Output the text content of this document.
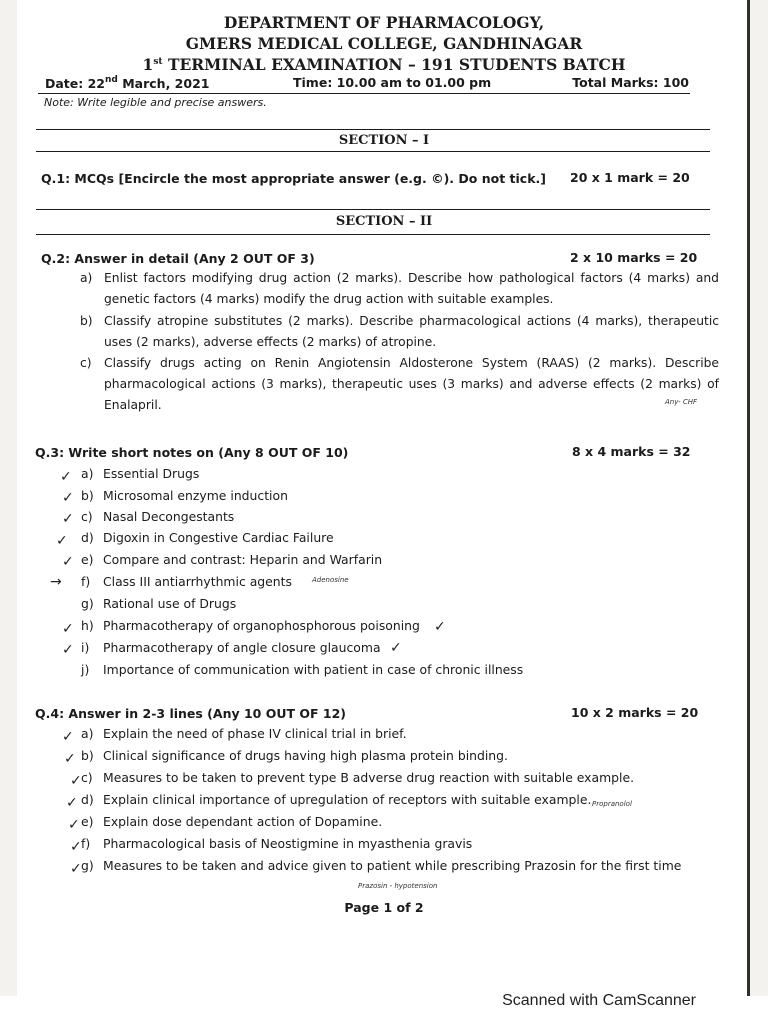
DEPARTMENT OF PHARMACOLOGY,
GMERS MEDICAL COLLEGE, GANDHINAGAR
1st TERMINAL EXAMINATION – 191 STUDENTS BATCH
Date: 22nd March, 2021	Time: 10.00 am to 01.00 pm	Total Marks: 100
Note: Write legible and precise answers.
SECTION – I
Q.1: MCQs [Encircle the most appropriate answer (e.g. ©). Do not tick.] 20 x 1 mark = 20
SECTION – II
Q.2: Answer in detail (Any 2 OUT OF 3)	2 x 10 marks = 20
a) Enlist factors modifying drug action (2 marks). Describe how pathological factors (4 marks) and genetic factors (4 marks) modify the drug action with suitable examples.
b) Classify atropine substitutes (2 marks). Describe pharmacological actions (4 marks), therapeutic uses (2 marks), adverse effects (2 marks) of atropine.
c)	Classify drugs acting on Renin Angiotensin Aldosterone System (RAAS) (2 marks). Describe pharmacological actions (3 marks), therapeutic uses (3 marks) and adverse effects (2 marks) of Enalapril.	Any- CHF
Q.3: Write short notes on (Any 8 OUT OF 10)	8 x 4 marks = 32
a) Essential Drugs
b) Microsomal enzyme induction
c) Nasal Decongestants
d) Digoxin in Congestive Cardiac Failure
e) Compare and contrast: Heparin and Warfarin
f) Class III antiarrhythmic agents
g) Rational use of Drugs
h) Pharmacotherapy of organophosphorous poisoning
i) Pharmacotherapy of angle closure glaucoma
j) Importance of communication with patient in case of chronic illness
Adenosine
Q.4: Answer in 2-3 lines (Any 10 OUT OF 12)	10 x 2 marks = 20
a) Explain the need of phase IV clinical trial in brief.
b) Clinical significance of drugs having high plasma protein binding.
c) Measures to be taken to prevent type B adverse drug reaction with suitable example.
d) Explain clinical importance of upregulation of receptors with suitable example.
e) Explain dose dependant action of Dopamine.
f) Pharmacological basis of Neostigmine in myasthenia gravis
g) Measures to be taken and advice given to patient while prescribing Prazosin for the first time
Propranolol
✓
✓
✓
✓
✓
→
✓	✓
✓	✓
✓
✓
✓
✓
✓
✓
✓
Prazosin - hypotension
Page 1 of 2
Scanned with CamScanner
